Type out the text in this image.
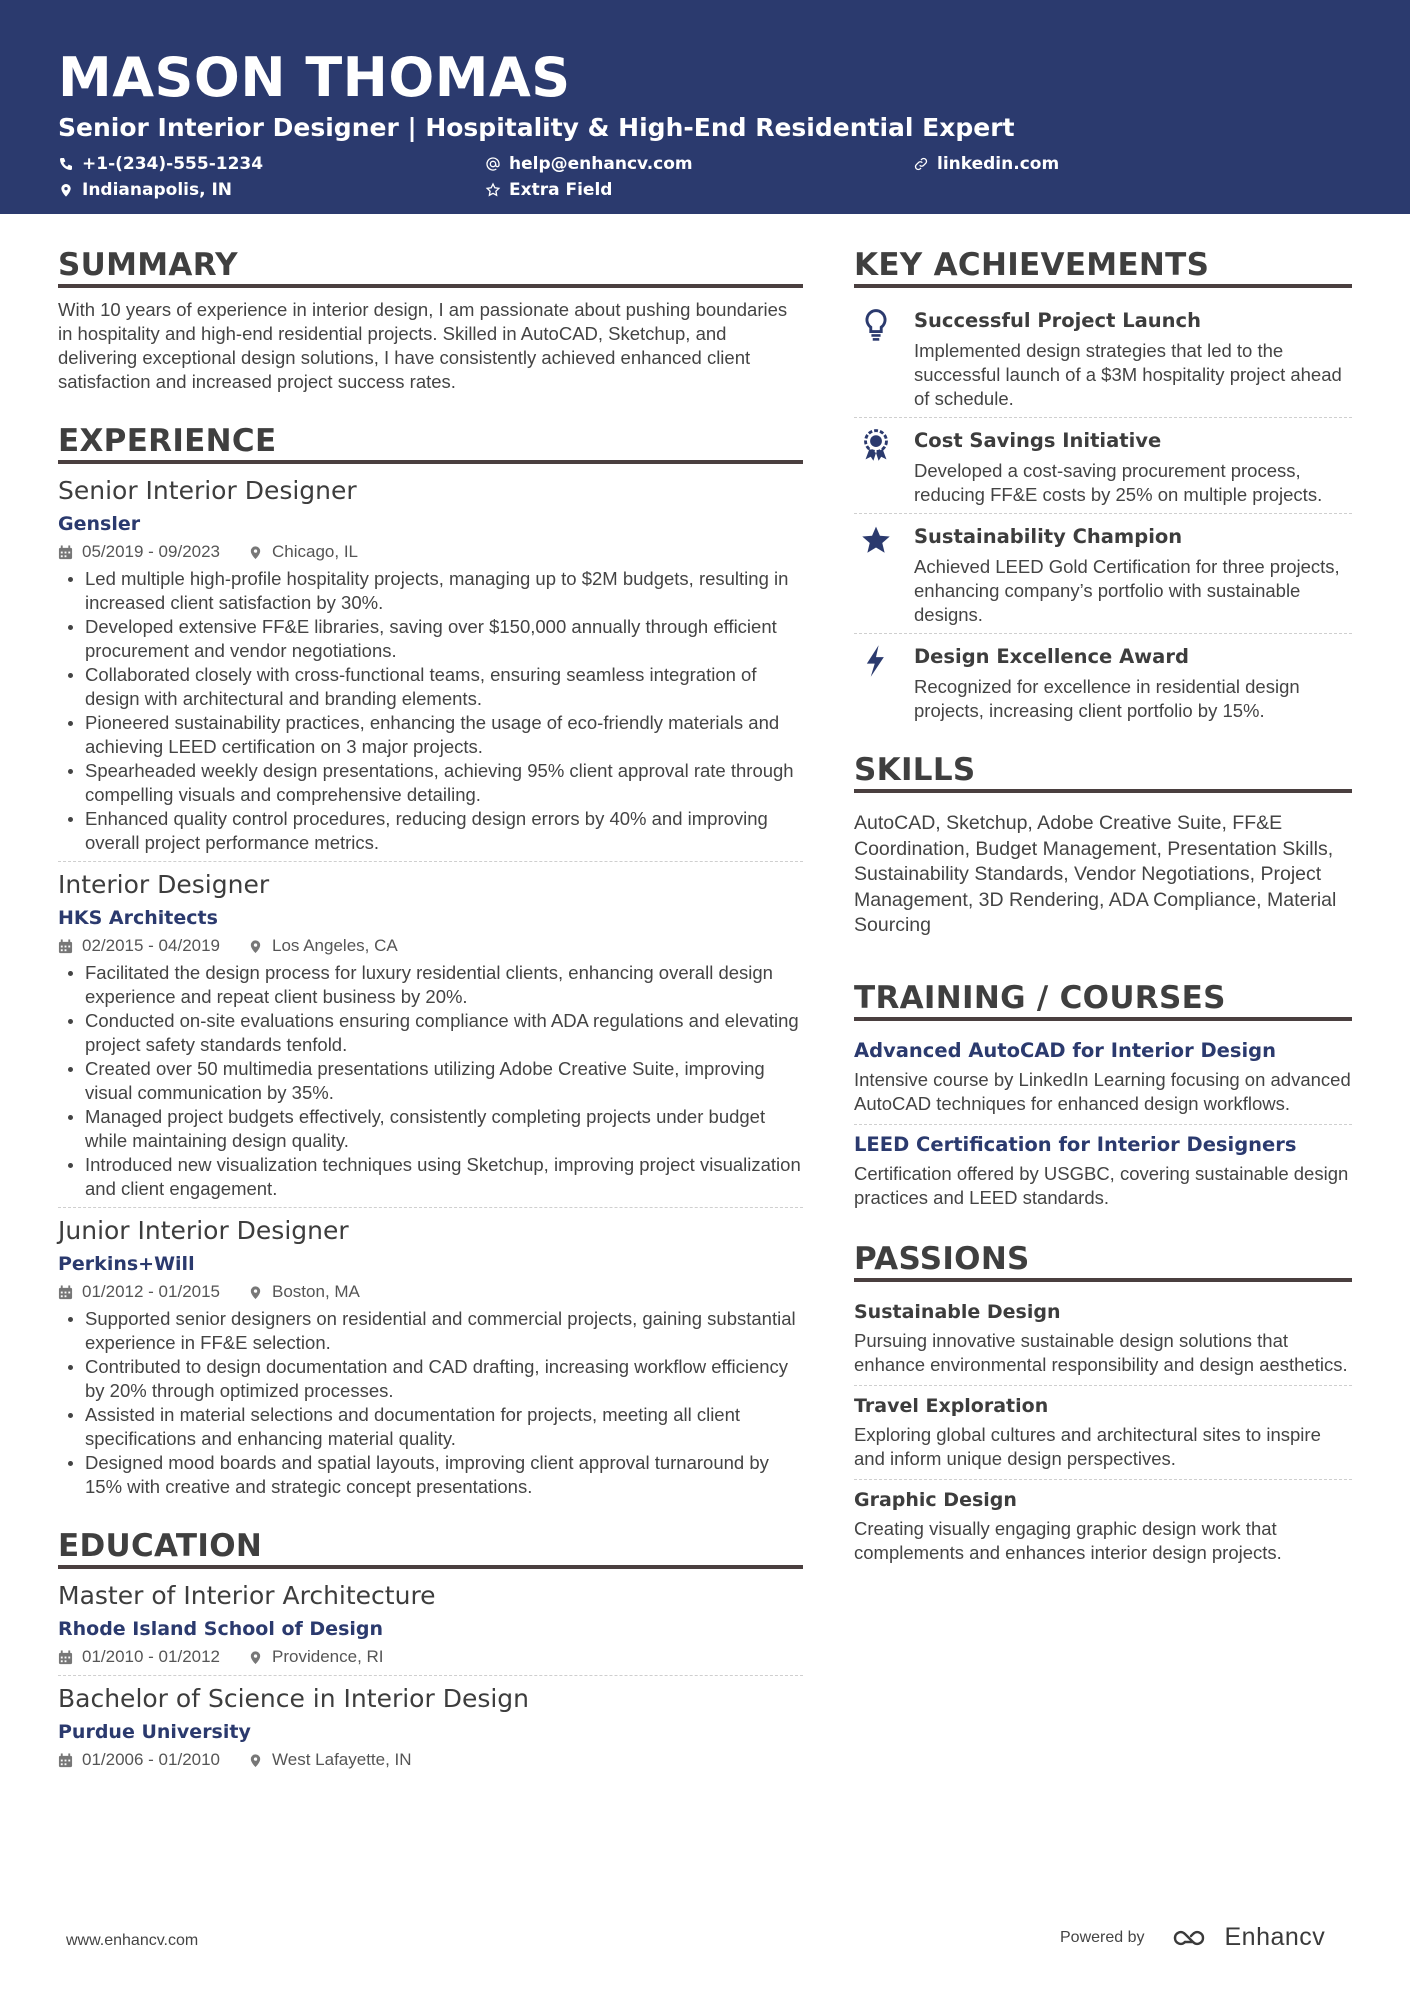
MASON THOMAS
Senior Interior Designer | Hospitality & High-End Residential Expert
+1-(234)-555-1234	help@enhancv.com	linkedin.com
Indianapolis, IN	Extra Field
SUMMARY

With 10 years of experience in interior design, I am passionate about pushing boundaries in hospitality and high-end residential projects. Skilled in AutoCAD, Sketchup, and delivering exceptional design solutions, I have consistently achieved enhanced client satisfaction and increased project success rates.

EXPERIENCE
Senior Interior Designer
Gensler
05/2019 - 09/2023	Chicago, IL
Led multiple high-profile hospitality projects, managing up to $2M budgets, resulting in increased client satisfaction by 30%.
Developed extensive FF&E libraries, saving over $150,000 annually through efficient procurement and vendor negotiations.
Collaborated closely with cross-functional teams, ensuring seamless integration of design with architectural and branding elements.
Pioneered sustainability practices, enhancing the usage of eco-friendly materials and achieving LEED certification on 3 major projects.
Spearheaded weekly design presentations, achieving 95% client approval rate through compelling visuals and comprehensive detailing.
Enhanced quality control procedures, reducing design errors by 40% and improving overall project performance metrics.
Interior Designer
HKS Architects
02/2015 - 04/2019	Los Angeles, CA
Facilitated the design process for luxury residential clients, enhancing overall design experience and repeat client business by 20%.
Conducted on-site evaluations ensuring compliance with ADA regulations and elevating project safety standards tenfold.
Created over 50 multimedia presentations utilizing Adobe Creative Suite, improving visual communication by 35%.
Managed project budgets effectively, consistently completing projects under budget while maintaining design quality.
Introduced new visualization techniques using Sketchup, improving project visualization and client engagement.
Junior Interior Designer
Perkins+Will
01/2012 - 01/2015	Boston, MA
Supported senior designers on residential and commercial projects, gaining substantial experience in FF&E selection.
Contributed to design documentation and CAD drafting, increasing workflow efficiency by 20% through optimized processes.
Assisted in material selections and documentation for projects, meeting all client specifications and enhancing material quality.
Designed mood boards and spatial layouts, improving client approval turnaround by 15% with creative and strategic concept presentations.
EDUCATION
Master of Interior Architecture
Rhode Island School of Design
01/2010 - 01/2012	Providence, RI
Bachelor of Science in Interior Design
Purdue University
01/2006 - 01/2010	West Lafayette, IN
KEY ACHIEVEMENTS
Successful Project Launch
Implemented design strategies that led to the successful launch of a $3M hospitality project ahead of schedule.
Cost Savings Initiative
Developed a cost-saving procurement process, reducing FF&E costs by 25% on multiple projects.
Sustainability Champion
Achieved LEED Gold Certification for three projects, enhancing company’s portfolio with sustainable designs.
Design Excellence Award
Recognized for excellence in residential design projects, increasing client portfolio by 15%.
SKILLS

AutoCAD, Sketchup, Adobe Creative Suite, FF&E Coordination, Budget Management, Presentation Skills, Sustainability Standards, Vendor Negotiations, Project Management, 3D Rendering, ADA Compliance, Material Sourcing

TRAINING / COURSES
Advanced AutoCAD for Interior Design
Intensive course by LinkedIn Learning focusing on advanced AutoCAD techniques for enhanced design workflows.
LEED Certification for Interior Designers
Certification offered by USGBC, covering sustainable design practices and LEED standards.
PASSIONS
Sustainable Design
Pursuing innovative sustainable design solutions that enhance environmental responsibility and design aesthetics.
Travel Exploration
Exploring global cultures and architectural sites to inspire and inform unique design perspectives.
Graphic Design
Creating visually engaging graphic design work that complements and enhances interior design projects.
www.enhancv.com	Powered by	Enhancv
